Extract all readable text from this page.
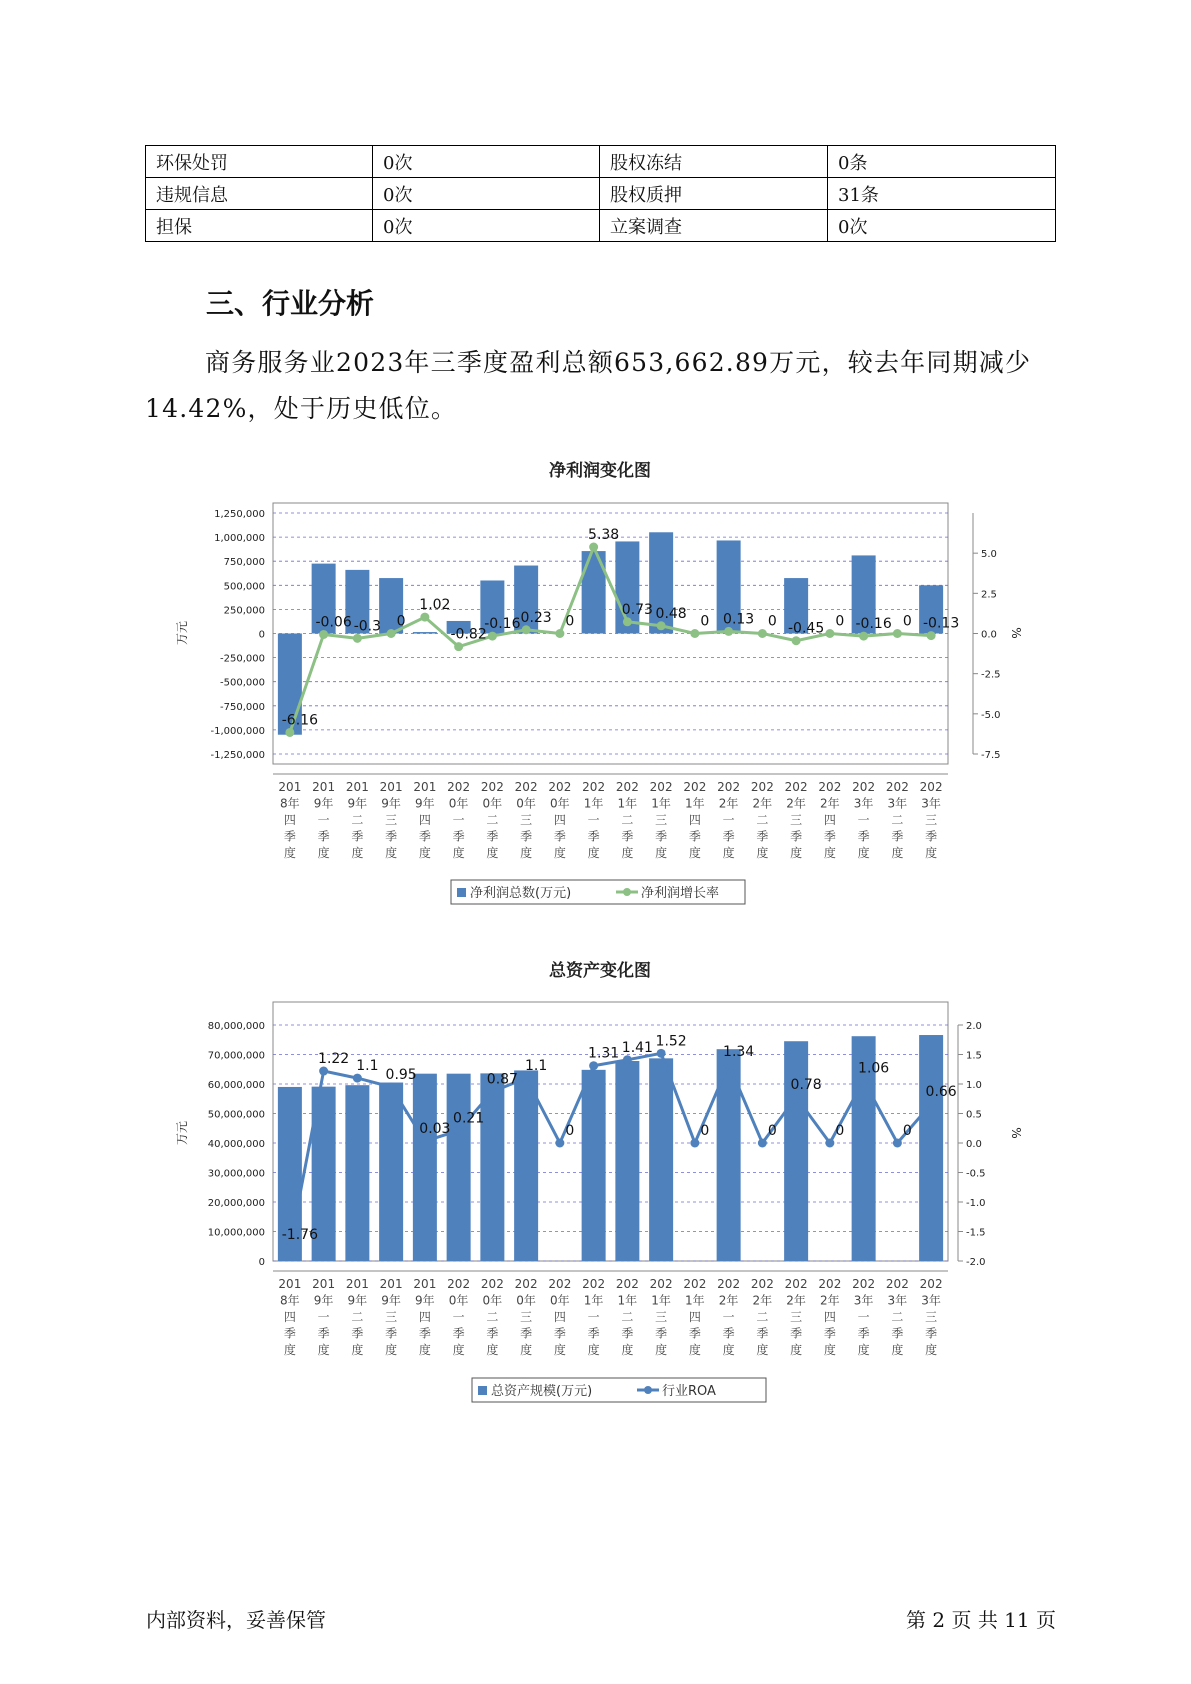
环保处罚	0次	股权冻结	0条
违规信息	0次	股权质押	31条
担保	0次	立案调查	0次
三、行业分析

商务服务业2023年三季度盈利总额653,662.89万元，较去年同期减少14.42%，处于历史低位。

净利润变化图
1,250,000
1,000,000
750,000
500,000
250,000
0
-250,000
-500,000
-750,000
-1,000,000
-1,250,000
5.0
2.5
0.0
-2.5
-5.0
-7.5
万元	%
-6.16
-0.06 -0.3 0
1.02
-0.82
-0.16 0.23 0
5.38
0.73 0.48 0 0.13 0 -0.45 0 -0.16 0 -0.13
201
8年
四
季
度
201
9年
一
季
度
201
9年
二
季
度
201
9年
三
季
度
201
9年
四
季
度
202
0年
一
季
度
202
0年
二
季
度
202
0年
三
季
度
202
0年
四
季
度
202
1年
一
季
度
202
1年
二
季
度
202
1年
三
季
度
202
1年
四
季
度
202
2年
一
季
度
202
2年
二
季
度
202
2年
三
季
度
202
2年
四
季
度
202
3年
一
季
度
202
3年
二
季
度
202
3年
三
季
度
净利润总数(万元)	净利润增长率
总资产变化图
80,000,000
70,000,000
60,000,000
50,000,000
40,000,000
30,000,000
20,000,000
10,000,000
0
2.0
1.5
1.0
0.5
0.0
-0.5
-1.0
-1.5
-2.0
万元	%
-1.76
1.22 1.1
0.95
0.03
0.21
0.87
1.1
0
1.31 1.41 1.52
0
1.34
0
0.78
0
1.06
0
0.66
201
8年
四
季
度
201
9年
一
季
度
201
9年
二
季
度
201
9年
三
季
度
201
9年
四
季
度
202
0年
一
季
度
202
0年
二
季
度
202
0年
三
季
度
202
0年
四
季
度
202
1年
一
季
度
202
1年
二
季
度
202
1年
三
季
度
202
1年
四
季
度
202
2年
一
季
度
202
2年
二
季
度
202
2年
三
季
度
202
2年
四
季
度
202
3年
一
季
度
202
3年
二
季
度
202
3年
三
季
度
总资产规模(万元)	行业ROA
内部资料，妥善保管	第 2 页 共 11 页
